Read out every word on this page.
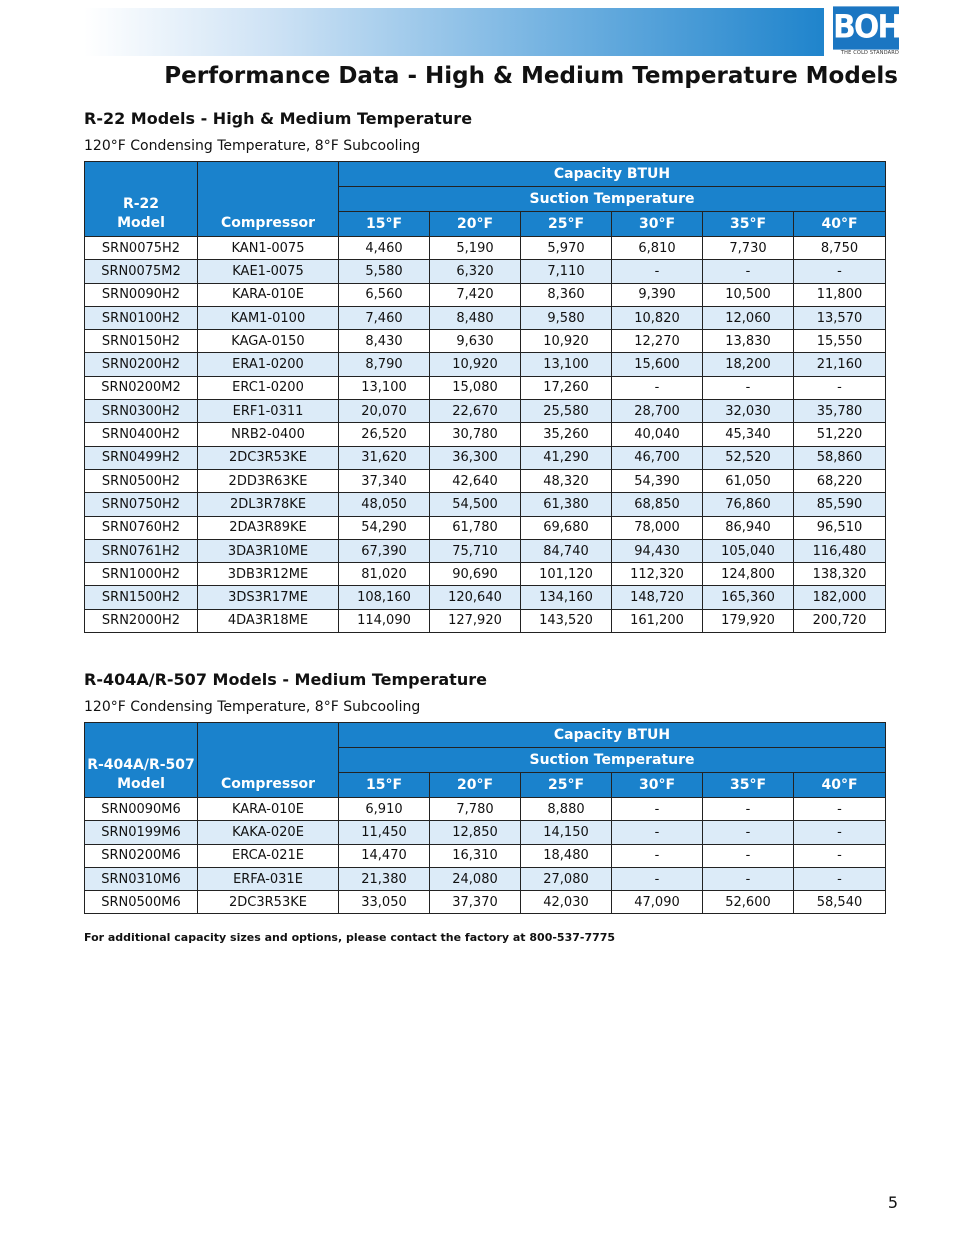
BOHN
THE COLD STANDARD
Performance Data - High & Medium Temperature Models
R-22 Models - High & Medium Temperature
120°F Condensing Temperature, 8°F Subcooling
R-22
Model	Compressor	Capacity BTUH					
		Suction Temperature					
		15°F	20°F	25°F	30°F	35°F	40°F
SRN0075H2	KAN1-0075	4,460	5,190	5,970	6,810	7,730	8,750
SRN0075M2	KAE1-0075	5,580	6,320	7,110	-	-	-
SRN0090H2	KARA-010E	6,560	7,420	8,360	9,390	10,500	11,800
SRN0100H2	KAM1-0100	7,460	8,480	9,580	10,820	12,060	13,570
SRN0150H2	KAGA-0150	8,430	9,630	10,920	12,270	13,830	15,550
SRN0200H2	ERA1-0200	8,790	10,920	13,100	15,600	18,200	21,160
SRN0200M2	ERC1-0200	13,100	15,080	17,260	-	-	-
SRN0300H2	ERF1-0311	20,070	22,670	25,580	28,700	32,030	35,780
SRN0400H2	NRB2-0400	26,520	30,780	35,260	40,040	45,340	51,220
SRN0499H2	2DC3R53KE	31,620	36,300	41,290	46,700	52,520	58,860
SRN0500H2	2DD3R63KE	37,340	42,640	48,320	54,390	61,050	68,220
SRN0750H2	2DL3R78KE	48,050	54,500	61,380	68,850	76,860	85,590
SRN0760H2	2DA3R89KE	54,290	61,780	69,680	78,000	86,940	96,510
SRN0761H2	3DA3R10ME	67,390	75,710	84,740	94,430	105,040	116,480
SRN1000H2	3DB3R12ME	81,020	90,690	101,120	112,320	124,800	138,320
SRN1500H2	3DS3R17ME	108,160	120,640	134,160	148,720	165,360	182,000
SRN2000H2	4DA3R18ME	114,090	127,920	143,520	161,200	179,920	200,720
R-404A/R-507 Models - Medium Temperature
120°F Condensing Temperature, 8°F Subcooling
R-404A/R-507
Model	Compressor	Capacity BTUH					
		Suction Temperature					
		15°F	20°F	25°F	30°F	35°F	40°F
SRN0090M6	KARA-010E	6,910	7,780	8,880	-	-	-
SRN0199M6	KAKA-020E	11,450	12,850	14,150	-	-	-
SRN0200M6	ERCA-021E	14,470	16,310	18,480	-	-	-
SRN0310M6	ERFA-031E	21,380	24,080	27,080	-	-	-
SRN0500M6	2DC3R53KE	33,050	37,370	42,030	47,090	52,600	58,540
For additional capacity sizes and options, please contact the factory at 800-537-7775
5
